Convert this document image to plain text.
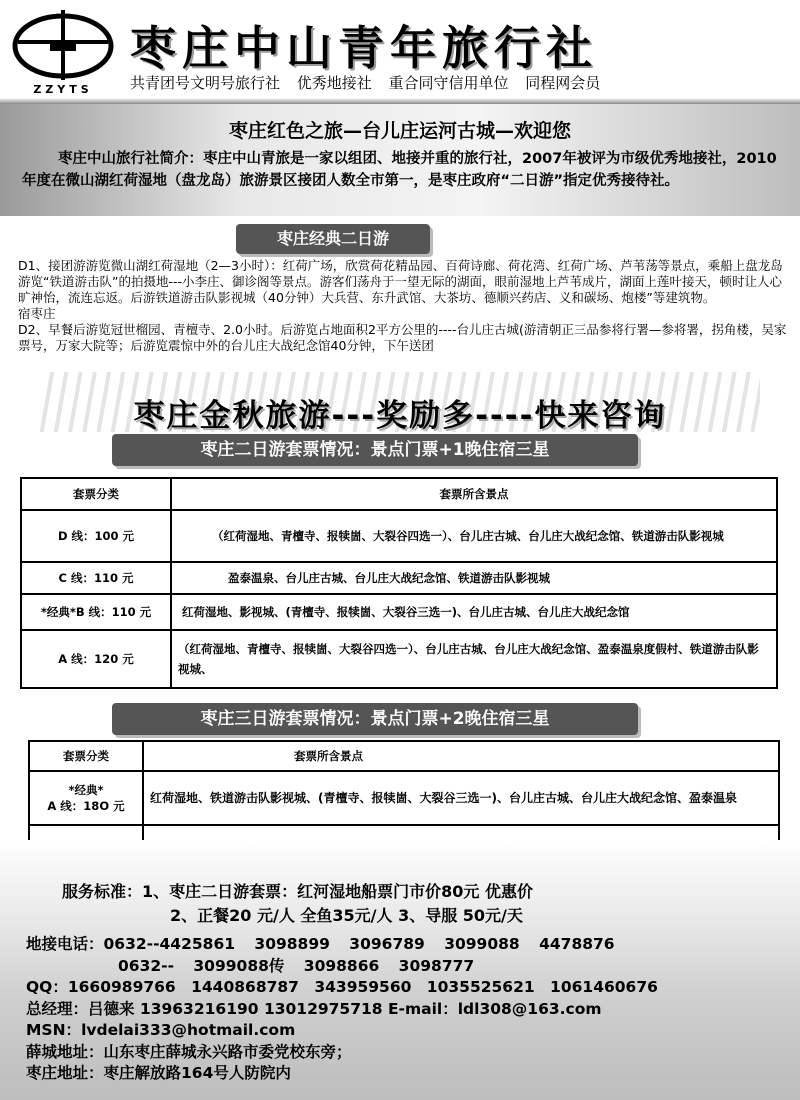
ZZYTS
枣庄中山青年旅行社
共青团号文明号旅行社 优秀地接社 重合同守信用单位 同程网会员
枣庄红色之旅—台儿庄运河古城—欢迎您
枣庄中山旅行社简介：枣庄中山青旅是一家以组团、地接并重的旅行社，2007年被评为市级优秀地接社，2010年度在微山湖红荷湿地（盘龙岛）旅游景区接团人数全市第一，是枣庄政府“二日游”指定优秀接待社。
枣庄经典二日游
D1、接团游游览微山湖红荷湿地（2—3小时）：红荷广场，欣赏荷花精品园、百荷诗廊、荷花湾、红荷广场、芦苇荡等景点，乘船上盘龙岛游览“铁道游击队”的拍摄地---小李庄、御诊阁等景点。游客们荡舟于一望无际的湖面，眼前湿地上芦苇成片，湖面上莲叶接天，顿时让人心旷神怡，流连忘返。后游铁道游击队影视城（40分钟）大兵营、东升武馆、大茶坊、德顺兴药店、义和碳场、炮楼”等建筑物。
宿枣庄
D2、早餐后游览冠世榴园、青檀寺、2.0小时。后游览占地面积2平方公里的----台儿庄古城(游清朝正三品参将行署—参将署，拐角楼，吴家票号，万家大院等；后游览震惊中外的台儿庄大战纪念馆40分钟，下午送团
枣庄金秋旅游---奖励多----快来咨询
枣庄二日游套票情况：景点门票+1晚住宿三星
套票分类	套票所含景点
D 线：100 元	（红荷湿地、青檀寺、报犊崮、大裂谷四选一）、台儿庄古城、台儿庄大战纪念馆、铁道游击队影视城
C 线：110 元	盈泰温泉、台儿庄古城、台儿庄大战纪念馆、铁道游击队影视城
*经典*B 线：110 元	红荷湿地、影视城、(青檀寺、报犊崮、大裂谷三选一)、台儿庄古城、台儿庄大战纪念馆
A 线：120 元	（红荷湿地、青檀寺、报犊崮、大裂谷四选一）、台儿庄古城、台儿庄大战纪念馆、盈泰温泉度假村、铁道游击队影视城、
枣庄三日游套票情况：景点门票+2晚住宿三星
套票分类	套票所含景点

*经典*
A 线：18O 元	红荷湿地、铁道游击队影视城、(青檀寺、报犊崮、大裂谷三选一)、台儿庄古城、台儿庄大战纪念馆、盈泰温泉

服务标准：1、枣庄二日游套票：红河湿地船票门市价80元 优惠价
2、正餐20 元/人 全鱼35元/人 3、导服 50元/天
地接电话：0632--4425861 3098899 3096789 3099088 4478876
0632-- 3099088传 3098866 3098777
QQ：1660989766 1440868787 343959560 1035525621 1061460676
总经理：吕德来 13963216190 13012975718 E-mail：ldl308@163.com
MSN：lvdelai333@hotmail.com
薛城地址：山东枣庄薛城永兴路市委党校东旁；
枣庄地址：枣庄解放路164号人防院内
